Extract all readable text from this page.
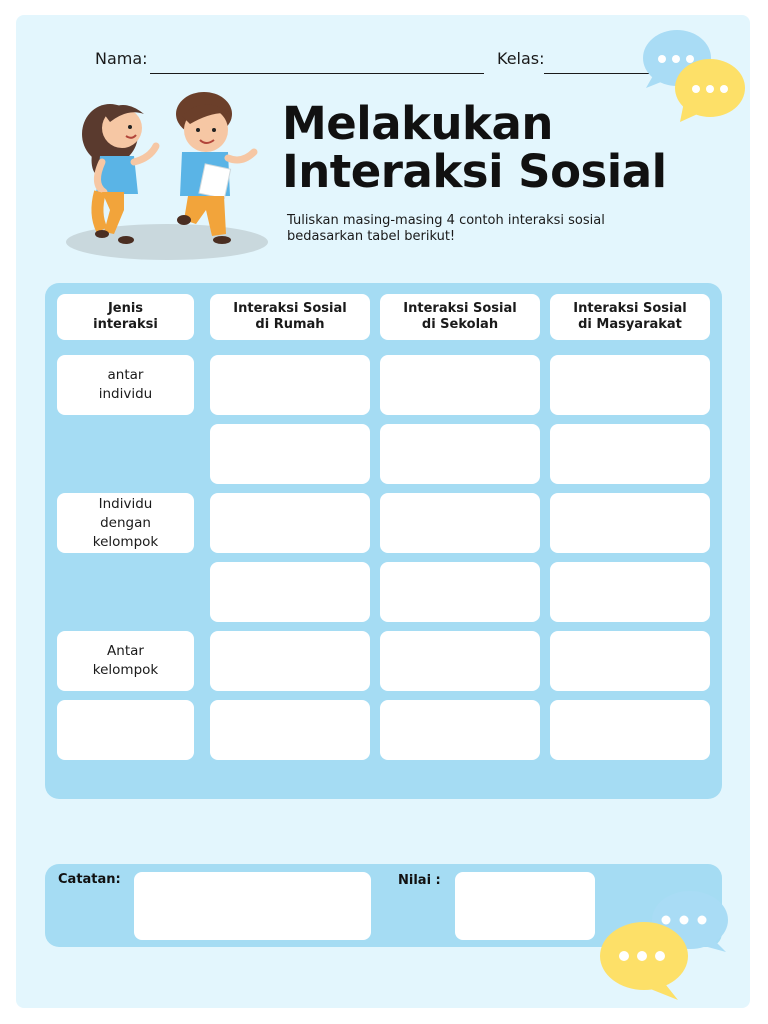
Nama:	Kelas:
Melakukan
Interaksi Sosial
Tuliskan masing-masing 4 contoh interaksi sosial
bedasarkan tabel berikut!
Jenis
interaksi
Interaksi Sosial
di Rumah
Interaksi Sosial
di Sekolah
Interaksi Sosial
di Masyarakat
antar
individu
Individu
dengan
kelompok
Antar
kelompok
Catatan:	Nilai :
